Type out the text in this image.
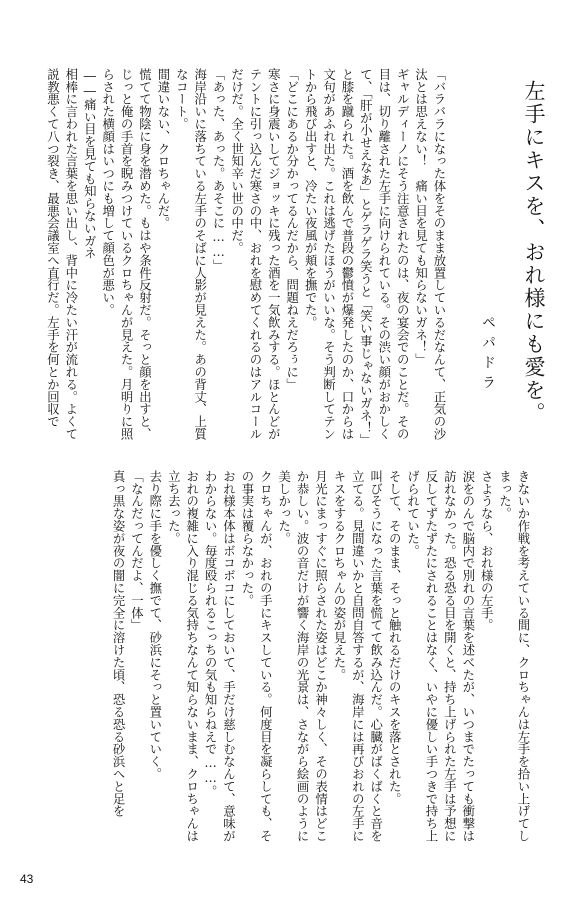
左手にキスを、おれ様にも愛を。
ペパドラ

「バラバラになった体をそのまま放置しているだなんて、正気の沙汰とは思えない！　痛い目を見ても知らないガネ！」

ギャルディーノにそう注意されたのは、夜の宴会でのことだ。その目は、切り離された左手に向けられている。その渋い顔がおかしくて、「肝が小せえなあ」とゲラゲラ笑うと「笑い事じゃないガネ！」と膝を蹴られた。酒を飲んで普段の鬱憤が爆発したのか、口からは文句があふれ出た。これは逃げたほうがいいな。そう判断してテントから飛び出すと、冷たい夜風が頬を撫でた。

「どこにあるか分かってるんだから、問題ねえだろぅに」

寒さに身震いしてジョッキに残った酒を一気飲みする。ほとんどがテントに引っ込んだ寒さの中、おれを慰めてくれるのはアルコールだけだ。全く世知辛い世の中だ。

「あった、あった。あそこに……」

海岸沿いに落ちている左手のそばに人影が見えた。あの背丈、上質なコート。

間違いない、クロちゃんだ。

慌てて物陰に身を潜めた。もはや条件反射だ。そっと顔を出すと、じっと俺の手首を睨みつけているクロちゃんが見えた。月明りに照らされた横顔はいつにも増して顔色が悪い。

――痛い目を見ても知らないガネ

相棒に言われた言葉を思い出し、背中に冷たい汗が流れる。よくて説教悪くて八つ裂き、最悪会議室へ直行だ。左手を何とか回収で

きないか作戦を考えている間に、クロちゃんは左手を拾い上げてしまった。

さようなら、おれ様の左手。

涙をのんで脳内で別れの言葉を述べたが、いつまでたっても衝撃は訪れなかった。恐る恐る目を開くと、持ち上げられた左手は予想に反してずたずたにされることはなく、いやに優しい手つきで持ち上げられていた。

そして、そのまま、そっと触れるだけのキスを落とされた。

叫びそうになった言葉を慌てて飲み込んだ。心臓がばくばくと音を立てる。見間違いかと自問自答するが、海岸には再びおれの左手にキスをするクロちゃんの姿が見えた。

月光にまっすぐに照らされた姿はどこか神々しく、その表情はどこか恭しい。波の音だけが響く海岸の光景は、さながら絵画のように美しかった。

クロちゃんが、おれの手にキスしている。何度目を凝らしても、その事実は覆らなかった。

おれ様本体はボコボコにしておいて、手だけ慈しむなんて、意味がわからない。毎度殴られるこっちの気も知らねえで……。

おれの複雑に入り混じる気持ちなんて知らないまま、クロちゃんは立ち去った。

去り際に手を優しく撫でて、砂浜にそっと置いていく。

「なんだってんだよ、一体」

真っ黒な姿が夜の闇に完全に溶けた頃、恐る恐る砂浜へと足を

43
